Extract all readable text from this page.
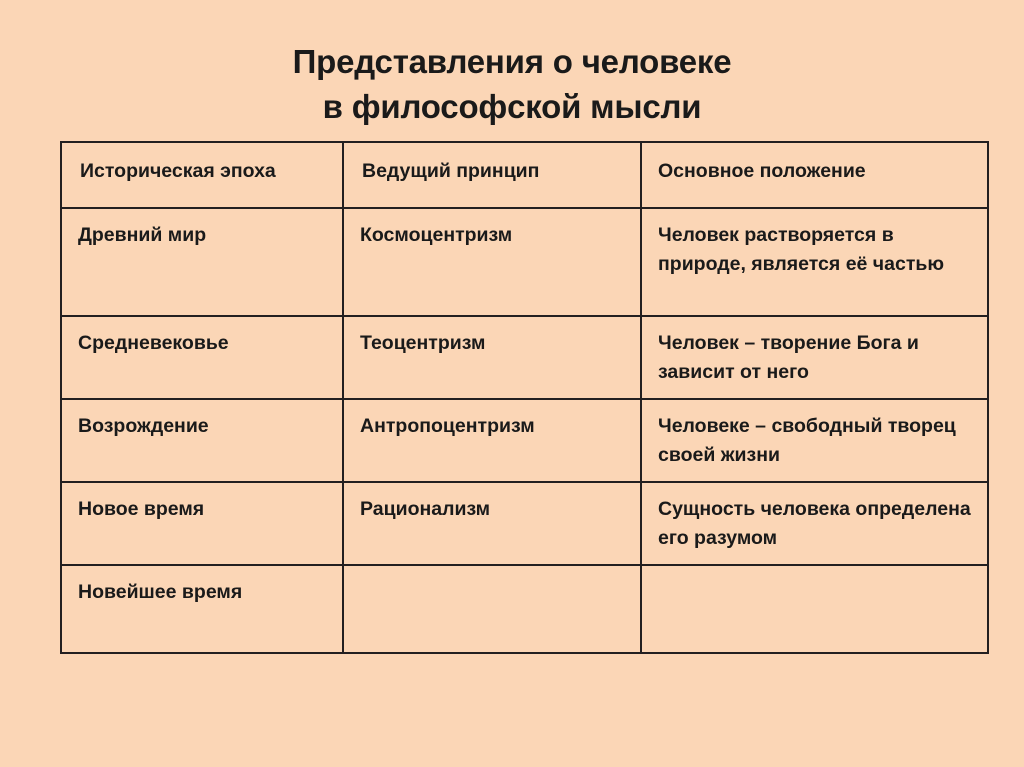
Представления о человеке
в философской мысли
Историческая эпоха	Ведущий принцип	Основное положение
Древний мир	Космоцентризм	Человек растворяется в природе, является её частью
Средневековье	Теоцентризм	Человек – творение Бога и зависит от него
Возрождение	Антропоцентризм	Человеке – свободный творец своей жизни
Новое время	Рационализм	Сущность человека определена его разумом
Новейшее время		
